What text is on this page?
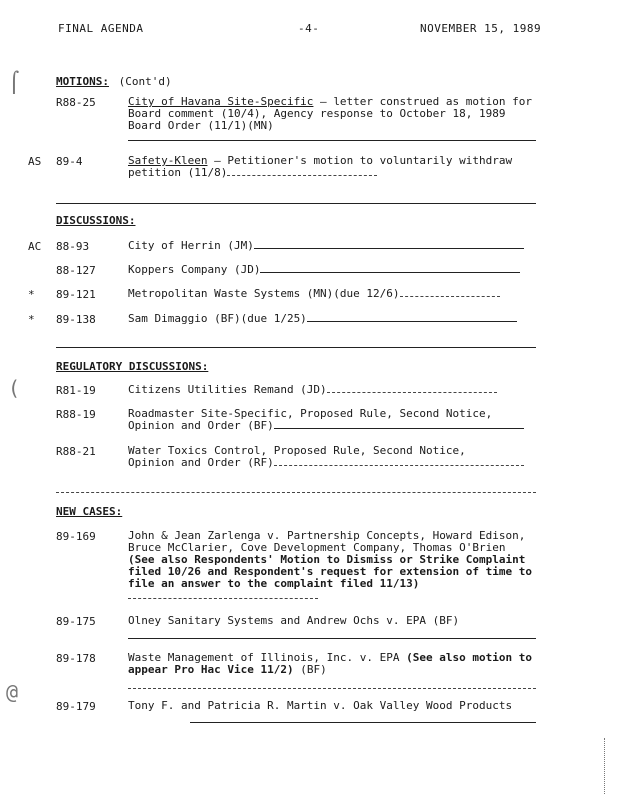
FINAL AGENDA	-4-	NOVEMBER 15, 1989
⌠
(
@
MOTIONS: (Cont'd)
R88-25	City of Havana Site-Specific – letter construed as motion for Board comment (10/4), Agency response to October 18, 1989 Board Order (11/1)(MN)
AS 89-4	Safety-Kleen – Petitioner's motion to voluntarily withdraw petition (11/8)
DISCUSSIONS:
AC 88-93	City of Herrin (JM)
88-127	Koppers Company (JD)
* 89-121	Metropolitan Waste Systems (MN)(due 12/6)
* 89-138	Sam Dimaggio (BF)(due 1/25)
REGULATORY DISCUSSIONS:
R81-19	Citizens Utilities Remand (JD)
R88-19	Roadmaster Site-Specific, Proposed Rule, Second Notice,
Opinion and Order (BF)
R88-21	Water Toxics Control, Proposed Rule, Second Notice,
Opinion and Order (RF)
NEW CASES:
89-169	John & Jean Zarlenga v. Partnership Concepts, Howard Edison, Bruce McClarier, Cove Development Company, Thomas O'Brien (See also Respondents' Motion to Dismiss or Strike Complaint filed 10/26 and Respondent's request for extension of time to file an answer to the complaint filed 11/13)
89-175	Olney Sanitary Systems and Andrew Ochs v. EPA (BF)
89-178	Waste Management of Illinois, Inc. v. EPA (See also motion to appear Pro Hac Vice 11/2) (BF)
89-179	Tony F. and Patricia R. Martin v. Oak Valley Wood Products
